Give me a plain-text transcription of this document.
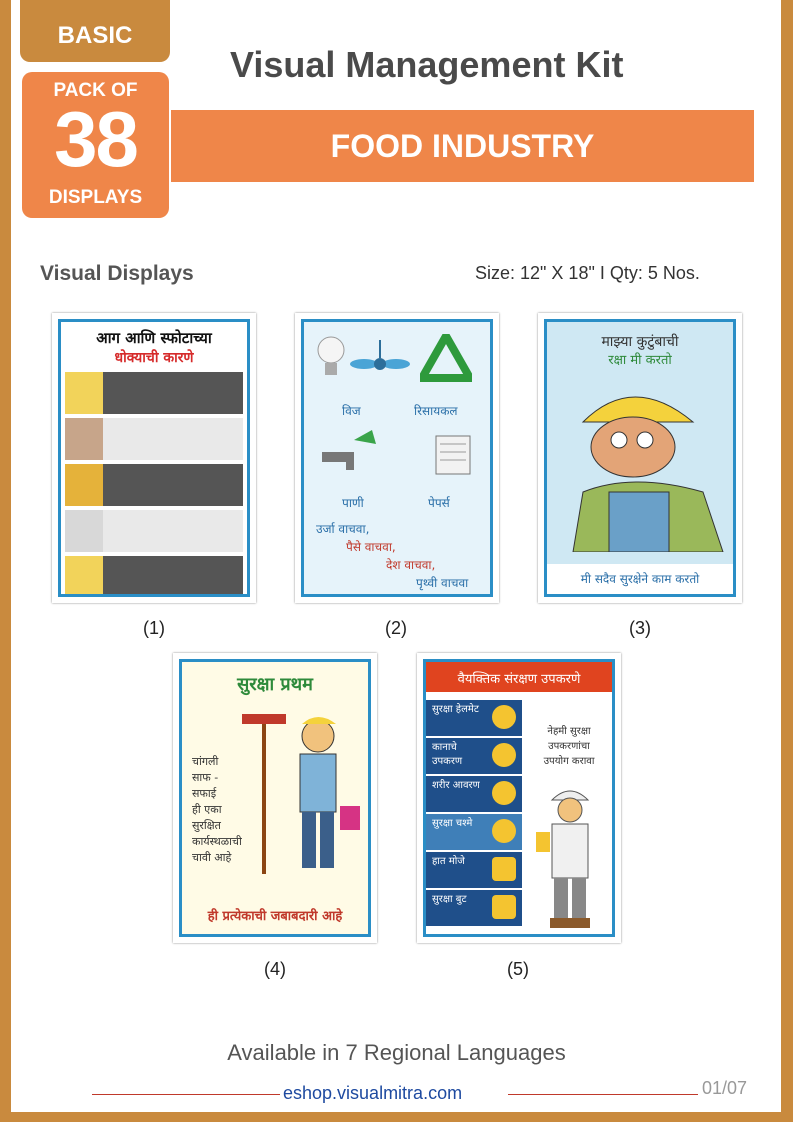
BASIC
PACK OF
38
DISPLAYS
Visual Management Kit
FOOD INDUSTRY
Visual Displays	Size: 12" X 18" I Qty: 5 Nos.
आग आणि स्फोटाच्या
धोक्याची कारणे
(1)
विज	रिसायकल
पाणी	पेपर्स
उर्जा वाचवा,
पैसे वाचवा,
देश वाचवा,
पृथ्वी वाचवा
(2)
माझ्या कुटुंबाची
रक्षा मी करतो
मी सदैव सुरक्षेने काम करतो
(3)
सुरक्षा प्रथम
चांगली
साफ -
सफाई
ही एका
सुरक्षित
कार्यस्थळाची
चावी आहे
ही प्रत्येकाची जबाबदारी आहे
(4)
वैयक्तिक संरक्षण उपकरणे
सुरक्षा हेलमेट
कानाचे उपकरण
शरीर आवरण
सुरक्षा चश्मे
हात मोजे
सुरक्षा बुट
नेहमी सुरक्षा
उपकरणांचा
उपयोग करावा
(5)
Available in 7 Regional Languages
eshop.visualmitra.com	01/07
